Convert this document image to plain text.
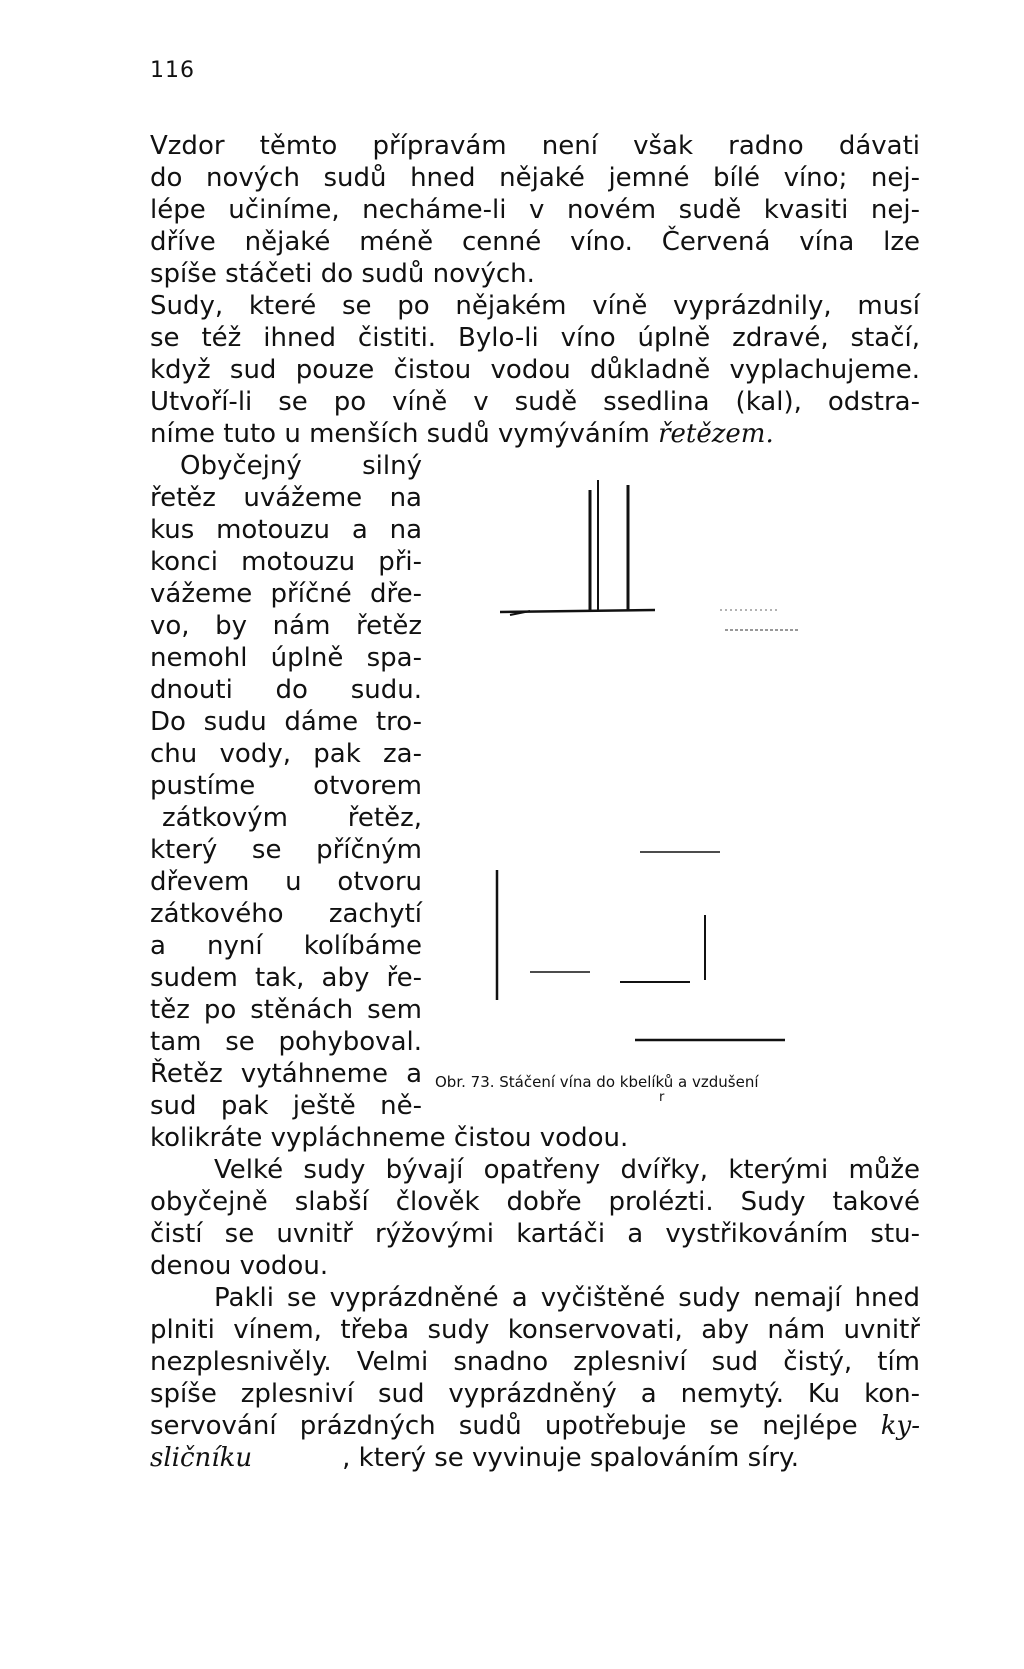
116
Vzdor těmto přípravám není však radno dávati
do nových sudů hned nějaké jemné bílé víno; nej-
lépe učiníme, necháme-li v novém sudě kvasiti nej-
dříve nějaké méně cenné víno. Červená vína lze
spíše stáčeti do sudů nových.
Sudy, které se po nějakém víně vyprázdnily, musí
se též ihned čistiti. Bylo-li víno úplně zdravé, stačí,
když sud pouze čistou vodou důkladně vyplachujeme.
Utvoří-li se po víně v sudě ssedlina (kal), odstra-
níme tuto u menších sudů vymýváním řetězem.
Obyčejný silný
řetěz uvážeme na
kus motouzu a na
konci motouzu při-
vážeme příčné dře-
vo, by nám řetěz
nemohl úplně spa-
dnouti do sudu.
Do sudu dáme tro-
chu vody, pak za-
pustíme otvorem
zátkovým řetěz,
který se příčným
dřevem u otvoru
zátkového zachytí
a nyní kolíbáme
sudem tak, aby ře-
těz po stěnách sem
tam se pohyboval.
Řetěz vytáhneme a
sud pak ještě ně-
Obr. 73. Stáčení vína do kbelíků a vzdušení
r
kolikráte vypláchneme čistou vodou.
Velké sudy bývají opatřeny dvířky, kterými může
obyčejně slabší člověk dobře prolézti. Sudy takové
čistí se uvnitř rýžovými kartáči a vystřikováním stu-
denou vodou.
Pakli se vyprázdněné a vyčištěné sudy nemají hned
plniti vínem, třeba sudy konservovati, aby nám uvnitř
nezplesnivěly. Velmi snadno zplesniví sud čistý, tím
spíše zplesniví sud vyprázdněný a nemytý. Ku kon-
servování prázdných sudů upotřebuje se nejlépe ky-
sličníku	, který se vyvinuje spalováním síry.
